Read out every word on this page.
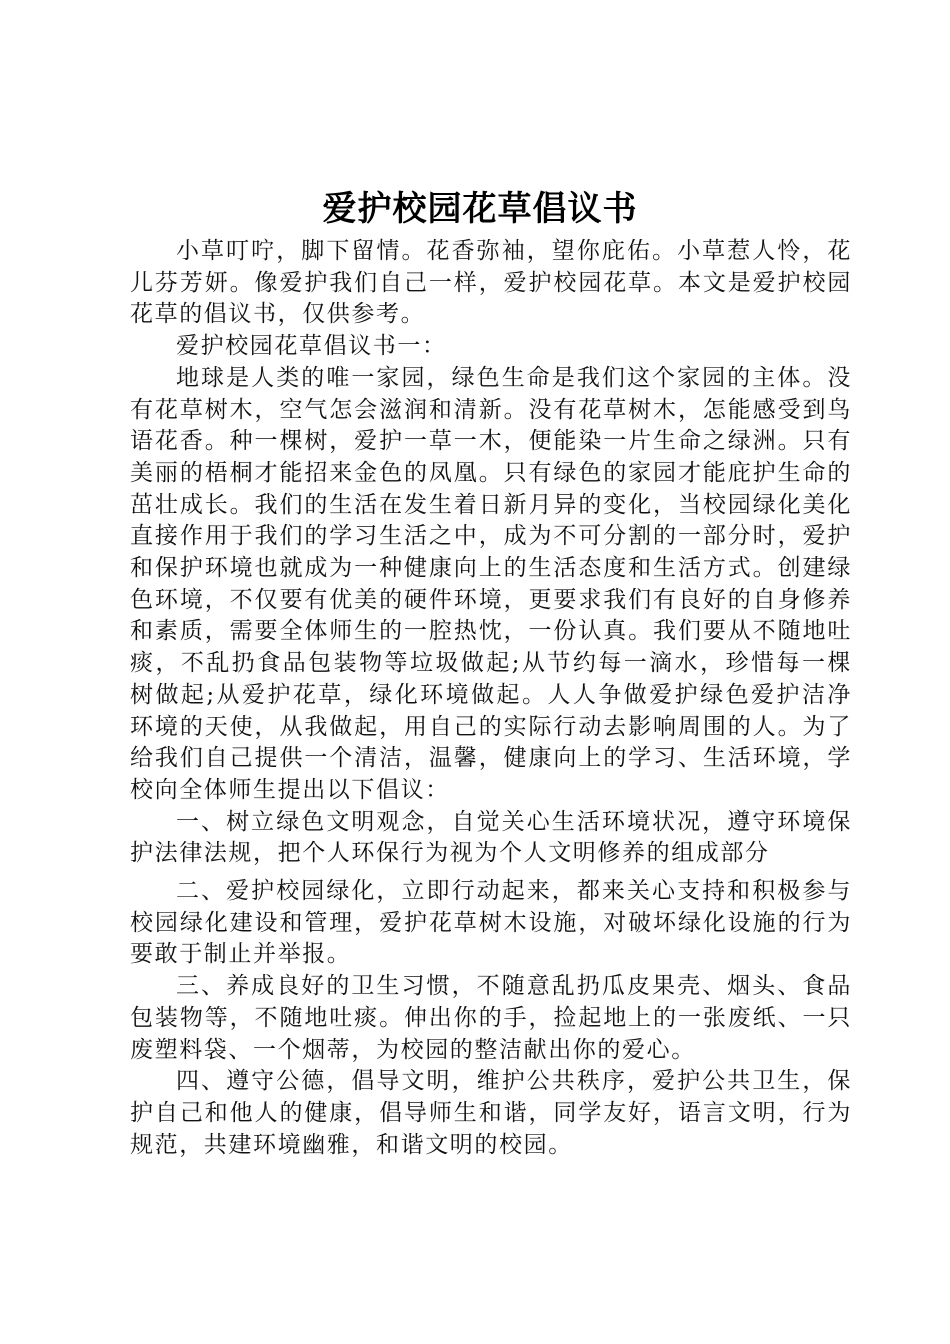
爱护校园花草倡议书

小草叮咛，脚下留情。花香弥袖，望你庇佑。小草惹人怜，花儿芬芳妍。像爱护我们自己一样，爱护校园花草。本文是爱护校园花草的倡议书，仅供参考。

爱护校园花草倡议书一：

地球是人类的唯一家园，绿色生命是我们这个家园的主体。没有花草树木，空气怎会滋润和清新。没有花草树木，怎能感受到鸟语花香。种一棵树，爱护一草一木，便能染一片生命之绿洲。只有美丽的梧桐才能招来金色的凤凰。只有绿色的家园才能庇护生命的茁壮成长。我们的生活在发生着日新月异的变化，当校园绿化美化直接作用于我们的学习生活之中，成为不可分割的一部分时，爱护和保护环境也就成为一种健康向上的生活态度和生活方式。创建绿色环境，不仅要有优美的硬件环境，更要求我们有良好的自身修养和素质，需要全体师生的一腔热忱，一份认真。我们要从不随地吐痰，不乱扔食品包装物等垃圾做起;从节约每一滴水，珍惜每一棵树做起;从爱护花草，绿化环境做起。人人争做爱护绿色爱护洁净环境的天使，从我做起，用自己的实际行动去影响周围的人。为了给我们自己提供一个清洁，温馨，健康向上的学习、生活环境，学校向全体师生提出以下倡议：

一、树立绿色文明观念，自觉关心生活环境状况，遵守环境保护法律法规，把个人环保行为视为个人文明修养的组成部分

二、爱护校园绿化，立即行动起来，都来关心支持和积极参与校园绿化建设和管理，爱护花草树木设施，对破坏绿化设施的行为要敢于制止并举报。

三、养成良好的卫生习惯，不随意乱扔瓜皮果壳、烟头、食品包装物等，不随地吐痰。伸出你的手，捡起地上的一张废纸、一只废塑料袋、一个烟蒂，为校园的整洁献出你的爱心。

四、遵守公德，倡导文明，维护公共秩序，爱护公共卫生，保护自己和他人的健康，倡导师生和谐，同学友好，语言文明，行为规范，共建环境幽雅，和谐文明的校园。
